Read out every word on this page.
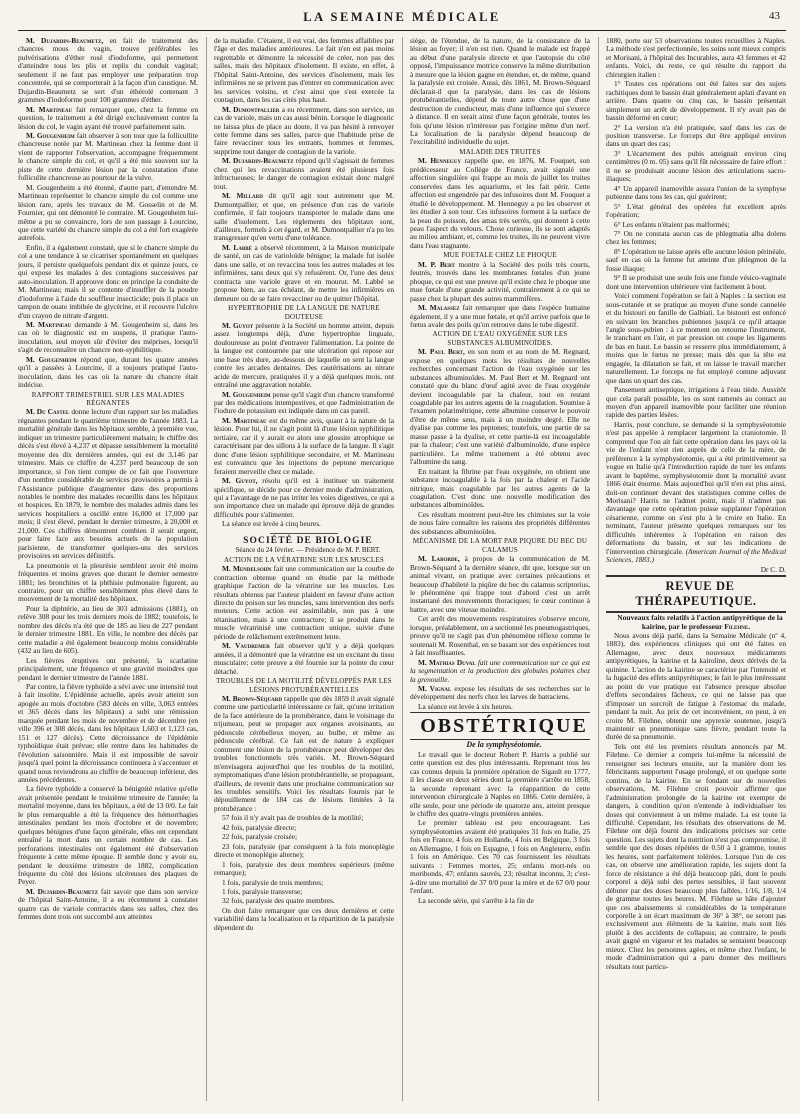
LA SEMAINE MÉDICALE	43

M. Dujardin-Beaumetz, en fait de traitement des chancres mous du vagin, trouve préférables les pulvérisations d'éther rosé d'iodoforme, qui permettent d'atteindre tous les plis et replis du conduit vaginal; seulement il ne faut pas employer une préparation trop concentrée, qui se comporterait à la façon d'un caustique. M. Dujardin-Beaumetz se sert d'un éthérolé contenant 3 grammes d'iodoforme pour 100 grammes d'éther.

M. Martineau fait remarquer que, chez la femme en question, le traitement a été dirigé exclusivement contre la lésion du col, le vagin ayant été trouvé parfaitement sain.

M. Gougenheim fait observer à son tour que la follicullite chancreuse notée par M. Martineau chez la femme dont il vient de rapporter l'observation, accompagne fréquemment le chancre simple du col, et qu'il a été mis souvent sur la piste de cette dernière lésion par la constatation d'une folliculite chancreuse au pourtour de la vulve.

M. Gougenheim a été étonné, d'autre part, d'entendre M. Martineau représenter le chancre simple du col comme une lésion rare, après les travaux de M. Gosselin et de M. Fournier, qui ont démontré le contraire. M. Gougenheim lui-même a pu se convaincre, lors de son passage à Lourcine, que cette variété du chancre simple du col a été fort exagérée autrefois.

Enfin, il a également constaté, que si le chancre simple du col a une tendance à se cicatriser spontanément en quelques jours, il persiste quelquefois pendant dix et quinze jours, ce qui expose les malades à des contagions successives par auto-inoculation. Il approuve donc en principe la conduite de M. Martineau; mais il se contente d'insuffler de la poudre d'iodoforme à l'aide du souffleur insecticide; puis il place un tampon de ouate imbibée de glycérine, et il recouvre l'ulcère d'un crayon de nitrate d'argent.

M. Martineau demande à M. Gougenheim si, dans les cas où le diagnostic est en suspens, il pratique l'auto-inoculation, seul moyen sûr d'éviter des méprises, lorsqu'il s'agit de reconnaître un chancre non-syphilitique.

M. Gougenheim répond que, durant les quatre années qu'il a passées à Lourcine, il a toujours pratiqué l'auto-inoculation, dans les cas où la nature du chancre était indécise.

RAPPORT TRIMESTRIEL SUR LES MALADIES RÉGNANTES

M. Du Castel donne lecture d'un rapport sur les maladies régnantes pendant le quatrième trimestre de l'année 1883. La mortalité générale dans les hôpitaux semble, à première vue, indiquer un trimestre particulièrement malsain; le chiffre des décès s'est élevé à 4,237 et dépasse sensiblement la mortalité moyenne des dix dernières années, qui est de 3,146 par trimestre. Mais ce chiffre de 4,237 perd beaucoup de son importance, si l'on tient compte de ce fait que l'ouverture d'un nombre considérable de services provisoires a permis à l'Assistance publique d'augmenter dans des proportions notables le nombre des malades recueillis dans les hôpitaux et hospices. En 1879, le nombre des malades admis dans les services hospitaliers a oscillé entre 16,000 et 17,000 par mois; il s'est élevé, pendant le dernier trimestre, à 20,000 et 21,000. Ces chiffres démontrent combien il serait urgent, pour faire face aux besoins actuels de la population parisienne, de transformer quelques-uns des services provisoires en services définitifs.

La pneumonie et la pleurésie semblent avoir été moins fréquentes et moins graves que durant le dernier semestre 1881; les bronchites et la phthisie pulmonaire figurent, au contraire, pour un chiffre sensiblement plus élevé dans le mouvement de la mortalité des hôpitaux.

Pour la diphtérie, au lieu de 303 admissions (1881), on relève 308 pour les trois derniers mois de 1882; toutefois, le nombre des décès n'a été que de 185 au lieu de 227 pendant le dernier trimestre 1881. En ville, le nombre des décès par cette maladie a été également beaucoup moins considérable (432 au lieu de 605).

Les fièvres éruptives ont présenté, la scarlatine principalement, une fréquence et une gravité moindres que pendant le dernier trimestre de l'année 1881.

Par contre, la fièvre typhoïde a sévi avec une intensité tout à fait insolite. L'épidémie actuelle, après avoir atteint son apogée au mois d'octobre (583 décès en ville, 3,063 entrées et 365 décès dans les hôpitaux) a subi une rémission marquée pendant les mois de novembre et de décembre (en ville 396 et 308 décès, dans les hôpitaux 1,603 et 1,123 cas, 151 et 127 décès). Cette décroissance de l'épidémie typhoïdique était prévue; elle rentre dans les habitudes de l'évolution saisonnière. Mais il est impossible de savoir jusqu'à quel point la décroissance continuera à s'accentuer et quand nous reviendrons au chiffre de beaucoup inférieur, des années précédentes.

La fièvre typhoïde a conservé la bénignité relative qu'elle avait présentée pendant le troisième trimestre de l'année; la mortalité moyenne, dans les hôpitaux, a été de 13 0/0. Le fait le plus remarquable a été la fréquence des hémorrhagies intestinales pendant les mois d'octobre et de novembre; quelques bénignes d'une façon générale, elles ont cependant entraîné la mort dans un certain nombre de cas. Les perforations intestinales ont également été d'observation fréquente à cette même époque. Il semble donc y avoir eu, pendant le deuxième trimestre de 1882, complication fréquente du côté des lésions ulcéreuses des plaques de Peyer.

M. Dujardin-Beaumetz fait savoir que dans son service de l'hôpital Saint-Antoine, il a eu récemment à constater quatre cas de variole contractés dans ses salles, chez des femmes dont trois ont succombé aux atteintes

de la maladie. C'étaient, il est vrai, des femmes affaiblies par l'âge et des maladies antérieures. Le fait n'en est pas moins regrettable et démontre la nécessité de créer, non pas des salles, mais des hôpitaux d'isolement. Il existe, en effet, à l'hôpital Saint-Antoine, des services d'isolement, mais les infirmières ne se privent pas d'entrer en communication avec les services voisins, et c'est ainsi que s'est exercée la contagion, dans les cas cités plus haut.

M. Dumontpallier a eu récemment, dans son service, un cas de variole, mais un cas aussi bénin. Lorsque le diagnostic ne laissa plus de place au doute, il va pas hésité à renvoyer cette femme dans ses salles, parce que l'habitude prise de faire revacciner tous les entrants, hommes et femmes, supprime tout danger de contagion de la variole.

M. Dujardin-Beaumetz répond qu'il s'agissait de femmes chez qui les revaccinations avaient été plusieurs fois infructueuses; le danger de contagion existait donc malgré tout.

M. Millard dit qu'il agit tout autrement que M. Dumontpallier, et que, en présence d'un cas de variole confirmée, il fait toujours transporter le malade dans une salle d'isolement. Les règlements des hôpitaux sont, d'ailleurs, formels à cet égard, et M. Dumontpallier n'a pu les transgresser qu'en vertu d'une tolérance.

M. Labbé a observé récemment, à la Maison municipale de santé, un cas de varioloïde bénigne; la malade fut isolée dans une salle, et on revaccina tous les autres malades et les infirmières, sans deux qui s'y refusèrent. Or, l'une des deux contracta une variole grave et en mourut. M. Labbé se propose bien, au cas échéant, de mettre les infirmières en demeure ou de se faire revacciner ou de quitter l'hôpital.

HYPERTROPHIE DE LA LANGUE DE NATURE DOUTEUSE

M. Guyot présente à la Société un homme atteint, depuis assez longtemps déjà, d'une hypertrophie linguale, douloureuse au point d'entraver l'alimentation. La pointe de la langue est contournée par une ulcération qui repose sur une base très dure, au-dessous de laquelle on sent la langue contre les arcades dentaires. Des cautérisations au nitrate acide de mercure, pratiquées il y a déjà quelques mois, ont entraîné une aggravation notable.

M. Gougenheim pense qu'il s'agit d'un chancre transformé par des médications intempestives, et que l'administration de l'iodure de potassium est indiquée dans un cas pareil.

M. Martineau est du même avis, quant à la nature de la lésion. Pour lui, il ne s'agit point là d'une lésion syphilitique tertiaire, car il y aurait eu alors une glossite atrophique se caractérisant par des sillons à la surface de la langue. Il s'agit donc d'une lésion syphilitique secondaire, et M. Martineau est convaincu que les injections de peptone mercurique feraient merveille chez ce malade.

M. Guyot, résolu qu'il est à instituer un traitement spécifique, se décide pour ce dernier mode d'administration, qui a l'avantage de ne pas irriter les voies digestives, ce qui a son importance chez un malade qui éprouve déjà de grandes difficultés pour s'alimenter.

La séance est levée à cinq heures.

SOCIÉTÉ DE BIOLOGIE

Séance du 24 février. — Présidence de M. P. BERT.

ACTION DE LA VÉRATRINE SUR LES MUSCLES

M. Mendelsohn fait une communication sur la courbe de contraction obtenue quand on étudie par la méthode graphique l'action de la vératrine sur les muscles. Les résultats obtenus par l'auteur plaident en faveur d'une action directe du poison sur les muscles, sans intervention des nerfs moteurs. Cette action est assimilable, non pas à une tétanisation, mais à une contracture; il se produit dans le muscle vératrinisé une contraction unique, suivie d'une période de relâchement extrêmement lente.

M. Vaudremer fait observer qu'il y a déjà quelques années, il a démontré que la vératrine est un excitant du tissu musculaire; cette preuve a été fournie sur la pointe du cœur détaché.

TROUBLES DE LA MOTILITÉ DÉVELOPPÉS PAR LES LÉSIONS PROTUBÉRANTIELLES

M. Brown-Séquard rappelle que dès 1859 il avait signalé comme une particularité intéressante ce fait, qu'une irritation de la face antérieure de la protubérance, dans le voisinage du trijumeau, peut se propager aux organes avoisinants, au pédoncule cérébelleux moyen, au bulbe, et même au pédoncule cérébral. Ce fait est de nature à expliquer comment une lésion de la protubérance peut développer des troubles fonctionnels très variés. M. Brown-Séquard m'envisagera aujourd'hui que les troubles de la motilité, symptomatiques d'une lésion protubérantielle, se propageant, d'ailleurs, de revenir dans une prochaine communication sur les troubles sensitifs. Voici les résultats fournis par le dépouillement de 184 cas de lésions limitées à la protubérance :

57 fois il n'y avait pas de troubles de la motilité;

42 fois, paralysie directe;

22 fois, paralysie croisée;

23 fois, paralysie (par conséquent à la fois monoplégie directe et monoplégie alterne);

1 fois, paralysie des deux membres supérieurs (même remarque);

1 fois, paralysie de trois membres;

1 fois, paralysie transverse;

32 fois, paralysie des quatre membres.

On doit faire remarquer que ces deux dernières et cette variabilité dans la localisation et la répartition de la paralysie dépendent du

siège, de l'étendue, de la nature, de la consistance de la lésion au foyer; il n'en est rien. Quand le malade est frappé au début d'une paralysie directe et que l'autopsie du côté opposé, l'impuissance motrice conserve la même distribution à mesure que la lésion gagne en étendue, et, de même, quand la paralysie est croisée. Aussi, dès 1861, M. Brown-Séquard déclarait-il que la paralysie, dans les cas de lésions protubérantielles, dépend de toute autre chose que d'une destruction de conducteur, mais d'une influence qui s'exerce à distance. Il en serait ainsi d'une façon générale, toutes les fois qu'une lésion n'intéresse pas l'origine même d'un nerf. La localisation de la paralysie dépend beaucoup de l'excitabilité individuelle du sujet.

MALADIE DES TRUITES

M. Henneguy rappelle que, en 1876, M. Fouquet, son prédécesseur au Collège de France, avait signalé une affection singulière qui frappe au mois de juillet les truites conservées dans les aquariums, et les fait périr. Cette affection est engendrée par des infusoires dont M. Fouquet a étudié le développement. M. Henneguy a pu les observer et les étudier à son tour. Ces infusoires forment à la surface de la peau du poisson, des amas très serrés, qui donnent à cette peau l'aspect du velours. Chose curieuse, ils se sont adaptés au milieu ambiant, et, comme les truites, ils ne peuvent vivre dans l'eau stagnante.

MUE FOETALE CHEZ LE PHOQUE

M. P. Bert montre à la Société des poils très courts, feutrés, trouvés dans les membranes fœtales d'un jeune phoque, ce qui est une preuve qu'il existe chez le phoque une mue fœtale d'une grande activité, contrairement à ce qui se passe chez la plupart des autres mammifères.

M. Malassez fait remarquer que dans l'espèce humaine également, il y a une mue fœtale, et qu'il arrive parfois que le fœtus avale des poils qu'on retrouve dans le tube digestif.

ACTION DE L'EAU OXYGÉNÉE SUR LES SUBSTANCES ALBUMINOÏDES.

M. Paul Bert, en son nom et au nom de M. Regnard, expose en quelques mots les résultats de nouvelles recherches concernant l'action de l'eau oxygénée sur les substances albuminoïdes. M. Paul Bert et M. Regnard ont constaté que du blanc d'œuf agité avec de l'eau oxygénée devient incoagulable par la chaleur, tout en restant coagulable par les autres agents de la coagulation. Soumise à l'examen polarimétrique, cette albumine conserve le pouvoir d'être de même sens, mais à un moindre degré. Elle ne dyalise pas comme les peptones; toutefois, une partie de sa masse passe à la dyalise, et cette partie-là est incoagulable par la chaleur; c'est une variété d'albuminoïde, d'une espèce particulière. Le même traitement a été obtenu avec l'albumine du sang.

En traitant la fibrine par l'eau oxygénée, on obtient une substance incoagulable à la fois par la chaleur et l'acide nitrique, mais coagulable par les autres agents de la coagulation. C'est donc une nouvelle modification des substances albuminoïdes.

Ces résultats montrent peut-être les chimistes sur la voie de nous faire connaître les raisons des propriétés différentes des substances albuminoïdes.

MÉCANISME DE LA MORT PAR PIQURE DU BEC DU CALAMUS

M. Laborde, à propos de la communication de M. Brown-Séquard à la dernière séance, dit que, lorsque sur un animal vivant, on pratique avec certaines précautions et beaucoup d'habileté la piqûre du bec du calamus scriptorius, le phénomène qui frappe tout d'abord c'est un arrêt instantané des mouvements thoraciques; le cœur continue à battre, avec une vitesse moindre.

Cet arrêt des mouvements respiratoires s'observe encore, lorsque, préalablement, on a sectionné les pneumogastriques, preuve qu'il ne s'agit pas d'un phénomène réflexe comme le soutenait M. Rosenthal, en se basant sur des expériences tout à fait insuffisantes.

M. Mathias Duval fait une communication sur ce qui est la segmentation et la production des globules polaires chez la grenouille.

M. Vignal expose les résultats de ses recherches sur le développement des nerfs chez les larves de batraciens.

La séance est levée à six heures.

OBSTÉTRIQUE

De la symphyséotomie.

Le travail que le docteur Robert P. Harris a publié sur cette question est des plus intéressants. Reprenant tous les cas connus depuis la première opération de Sigault en 1777, il les classe en deux séries dont la première s'arrête en 1858, la seconde reprenant avec la réapparition de cette intervention chirurgicale à Naples en 1866. Cette dernière, à elle seule, pour une période de quatorze ans, atteint presque le chiffre des quatre-vingts premières années.

Le premier tableau est peu encourageant. Les symphyséotomies avaient été pratiquées 31 fois en Italie, 25 fois en France, 4 fois en Hollande, 4 fois en Belgique, 3 fois en Allemagne, 1 fois en Espagne, 1 fois en Angleterre, enfin 1 fois en Amérique. Ces 70 cas fournissent les résultats suivants : Femmes mortes, 25; enfants mort-nés ou moribonds, 47; enfants sauvés, 23; résultat inconnu, 3; c'est-à-dire une mortalité de 37 0/0 pour la mère et de 67 0/0 pour l'enfant.

La seconde série, qui s'arrête à la fin de

1880, porte sur 53 observations toutes recueillies à Naples. La méthode s'est perfectionnée, les soins sont mieux compris et Morisani, à l'hôpital des Incurables, aura 43 femmes et 42 enfants. Voici, du reste, ce qui résulte du rapport du chirurgien italien :

1° Toutes ces opérations ont été faites sur des sujets rachitiques dont le bassin était généralement aplati d'avant en arrière. Dans quatre ou cinq cas, le bassin présentait simplement un arrêt de développement. Il n'y avait pas de bassin déformé en cœur;

2° La version n'a été pratiquée, sauf dans les cas de position transverse. Le forceps dut être appliqué environ dans un quart des cas;

3° L'écartement des pubis atteignait environ cinq centimètres (0 m. 05) sans qu'il fût nécessaire de faire effort : il ne se produisait aucune lésion des articulations sacro-iliaques;

4° Un appareil inamovible assura l'union de la symphyse pubienne dans tous les cas, qui guérirent;

5° L'état général des opérées fut excellent après l'opération;

6° Les enfants n'étaient pas malformés;

7° On ne constata aucun cas de phlegmatia alba dolens chez les femmes;

8° L'opération ne laisse après elle aucune lésion périnéale, sauf en cas où la femme fut atteinte d'un phlegmon de la fosse iliaque;

9° Il se produisit une seule fois une fistule vésico-vaginale dont une intervention ultérieure vint facilement à bout.

Voici comment l'opération se fait à Naples : la section est sous-cutanée et se pratique au moyen d'une sonde cannelée et du bistouri en fanille de Galbiati. Le bistouri est enfoncé en suivant les branches pubiennes jusqu'à ce qu'il attaque l'angle sous-pubien : à ce moment on retourne l'instrument, le tranchant en l'air, et par pression on coupe les ligaments de bas en haut. Le bassin se resserre plus immédiatement, à moins que le fœtus ne presse; mais dès que la tête est engagée, la dilatation se fait, et on laisse le travail marcher naturellement. Le forceps ne fut employé comme adjuvant que dans un quart des cas.

Pansement antiseptique, irrigations à l'eau tiède. Aussitôt que cela paraît possible, les os sont ramenés au contact au moyen d'un appareil inamovible pour faciliter une réunion rapide des parties lésées.

Harris, pour conclure, se demande si la symphyséotomie n'est pas appelée à remplacer largement la craniotomie. Il comprend que l'on ait fait cette opération dans les pays où la vie de l'enfant n'est rien auprès de celle de la mère, de préférence à la symphyséotomie, qui a été primitivement sa vogue en Italie qu'à l'introduction rapide de tuer les enfants avant le baptême, symphyséotomie dont la mortalité avant 1866 était énorme. Mais aujourd'hui qu'il n'en est plus ainsi, doit-on continuer devant des statistiques comme celles de Morisani? Harris ne l'admet point, mais il n'admet pas davantage que cette opération puisse supplanter l'opération césarienne, comme on s'est plu à le croire en Italie. En terminant, l'auteur présente quelques remarques sur les difficultés inhérentes à l'opération en raison des déformations du bassin, et sur les indications de l'intervention chirurgicale. (American Journal of the Medical Sciences, 1883.)

Dr C. D.

REVUE DE THÉRAPEUTIQUE.

Nouveaux faits relatifs à l'action antipyrétique de la kairine, par le professeur Filehne.

Nous avons déjà parlé, dans la Semaine Médicale (nº 4, 1883), des expériences cliniques qui ont été faites en Allemagne, avec deux nouveaux médicaments antipyrétiques, la kairine et la kairoline, deux dérivés de la quinine. L'action de la kairine se caractérise par l'intensité et la fugacité des effets antipyrétiques; le fait le plus intéressant au point de vue pratique est l'absence presque absolue d'effets secondaires fâcheux, ce qui ne laisse pas que d'imposer un surcroît de fatigue à l'estomac du malade, pendant la nuit. Au prix de cet inconvénient, on peut, à en croire M. Filehne, obtenir une apyrexie soutenue, jusqu'à maintenir un pneumonique sans fièvre, pendant toute la durée de sa pneumonie.

Tels ont été les premiers résultats annoncés par M. Filehne. Ce dernier a compris lui-même la nécessité de renseigner ses lecteurs ensuite, sur la manière dont les fébricitants supportent l'usage prolongé, et on quelque sorte continu, de la kairine. En se fondant sur de nouvelles observations, M. Filehne croit pouvoir affirmer que l'administration prolongée de la kairine est exempte de dangers, à condition qu'on n'entende à individualiser les doses qui conviennent à un même malade. La est toute la difficulté. Cependant, les résultats des observations de M. Filehne ont déjà fourni des indications précises sur cette question. Les sujets dont la nutrition n'est pas compromise, il semble que des doses répétées de 0.50 à 1 gramme, toutes les heures, sont parfaitement tolérées. Lorsque l'un de ces cas, on observe une amélioration rapide, les sujets dont la force de résistance a été déjà beaucoup pâti, dont le pouls corporel a déjà subi des pertes sensibles, il faut souvent débuter par des doses beaucoup plus faibles, 1/16, 1/8, 1/4 de gramme toutes les heures. M. Filehne se hâte d'ajouter que ces abaissements si considérables de la température corporelle à un écart maximum de 36° à 38°, ne seront pas exclusivement aux éléments de la kairine, mais sont liés plutôt à des accidents de collapsus; au contraire, le pouls avait gagné en vigueur et les malades se sentaient beaucoup mieux. Chez les personnes agées, et même chez l'enfant, le mode d'administration qui a paru donner des meilleurs résultats tout particu-
